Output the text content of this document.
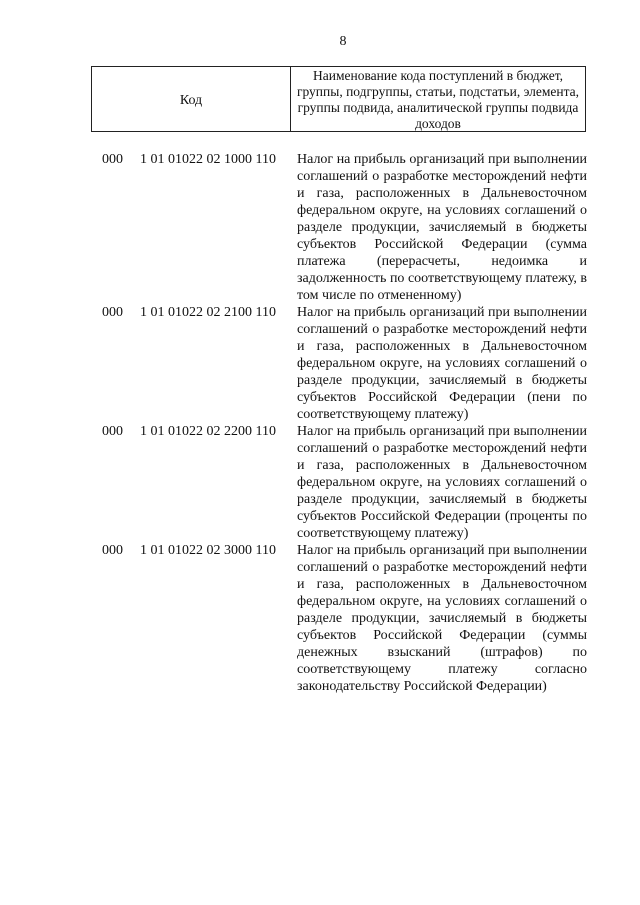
8
Код
Наименование кода поступлений в бюджет, группы, подгруппы, статьи, подстатьи, элемента, группы подвида, аналитической группы подвида доходов
000 1 01 01022 02 1000 110 Налог на прибыль организаций при выполнении соглашений о разработке месторождений нефти и газа, расположенных в Дальневосточном федеральном округе, на условиях соглашений о разделе продукции, зачисляемый в бюджеты субъектов Российской Федерации (сумма платежа (перерасчеты, недоимка и задолженность по соответствующему платежу, в том числе по отмененному)
000 1 01 01022 02 2100 110 Налог на прибыль организаций при выполнении соглашений о разработке месторождений нефти и газа, расположенных в Дальневосточном федеральном округе, на условиях соглашений о разделе продукции, зачисляемый в бюджеты субъектов Российской Федерации (пени по соответствующему платежу)
000 1 01 01022 02 2200 110 Налог на прибыль организаций при выполнении соглашений о разработке месторождений нефти и газа, расположенных в Дальневосточном федеральном округе, на условиях соглашений о разделе продукции, зачисляемый в бюджеты субъектов Российской Федерации (проценты по соответствующему платежу)
000 1 01 01022 02 3000 110 Налог на прибыль организаций при выполнении соглашений о разработке месторождений нефти и газа, расположенных в Дальневосточном федеральном округе, на условиях соглашений о разделе продукции, зачисляемый в бюджеты субъектов Российской Федерации (суммы денежных взысканий (штрафов) по соответствующему платежу согласно законодательству Российской Федерации)
